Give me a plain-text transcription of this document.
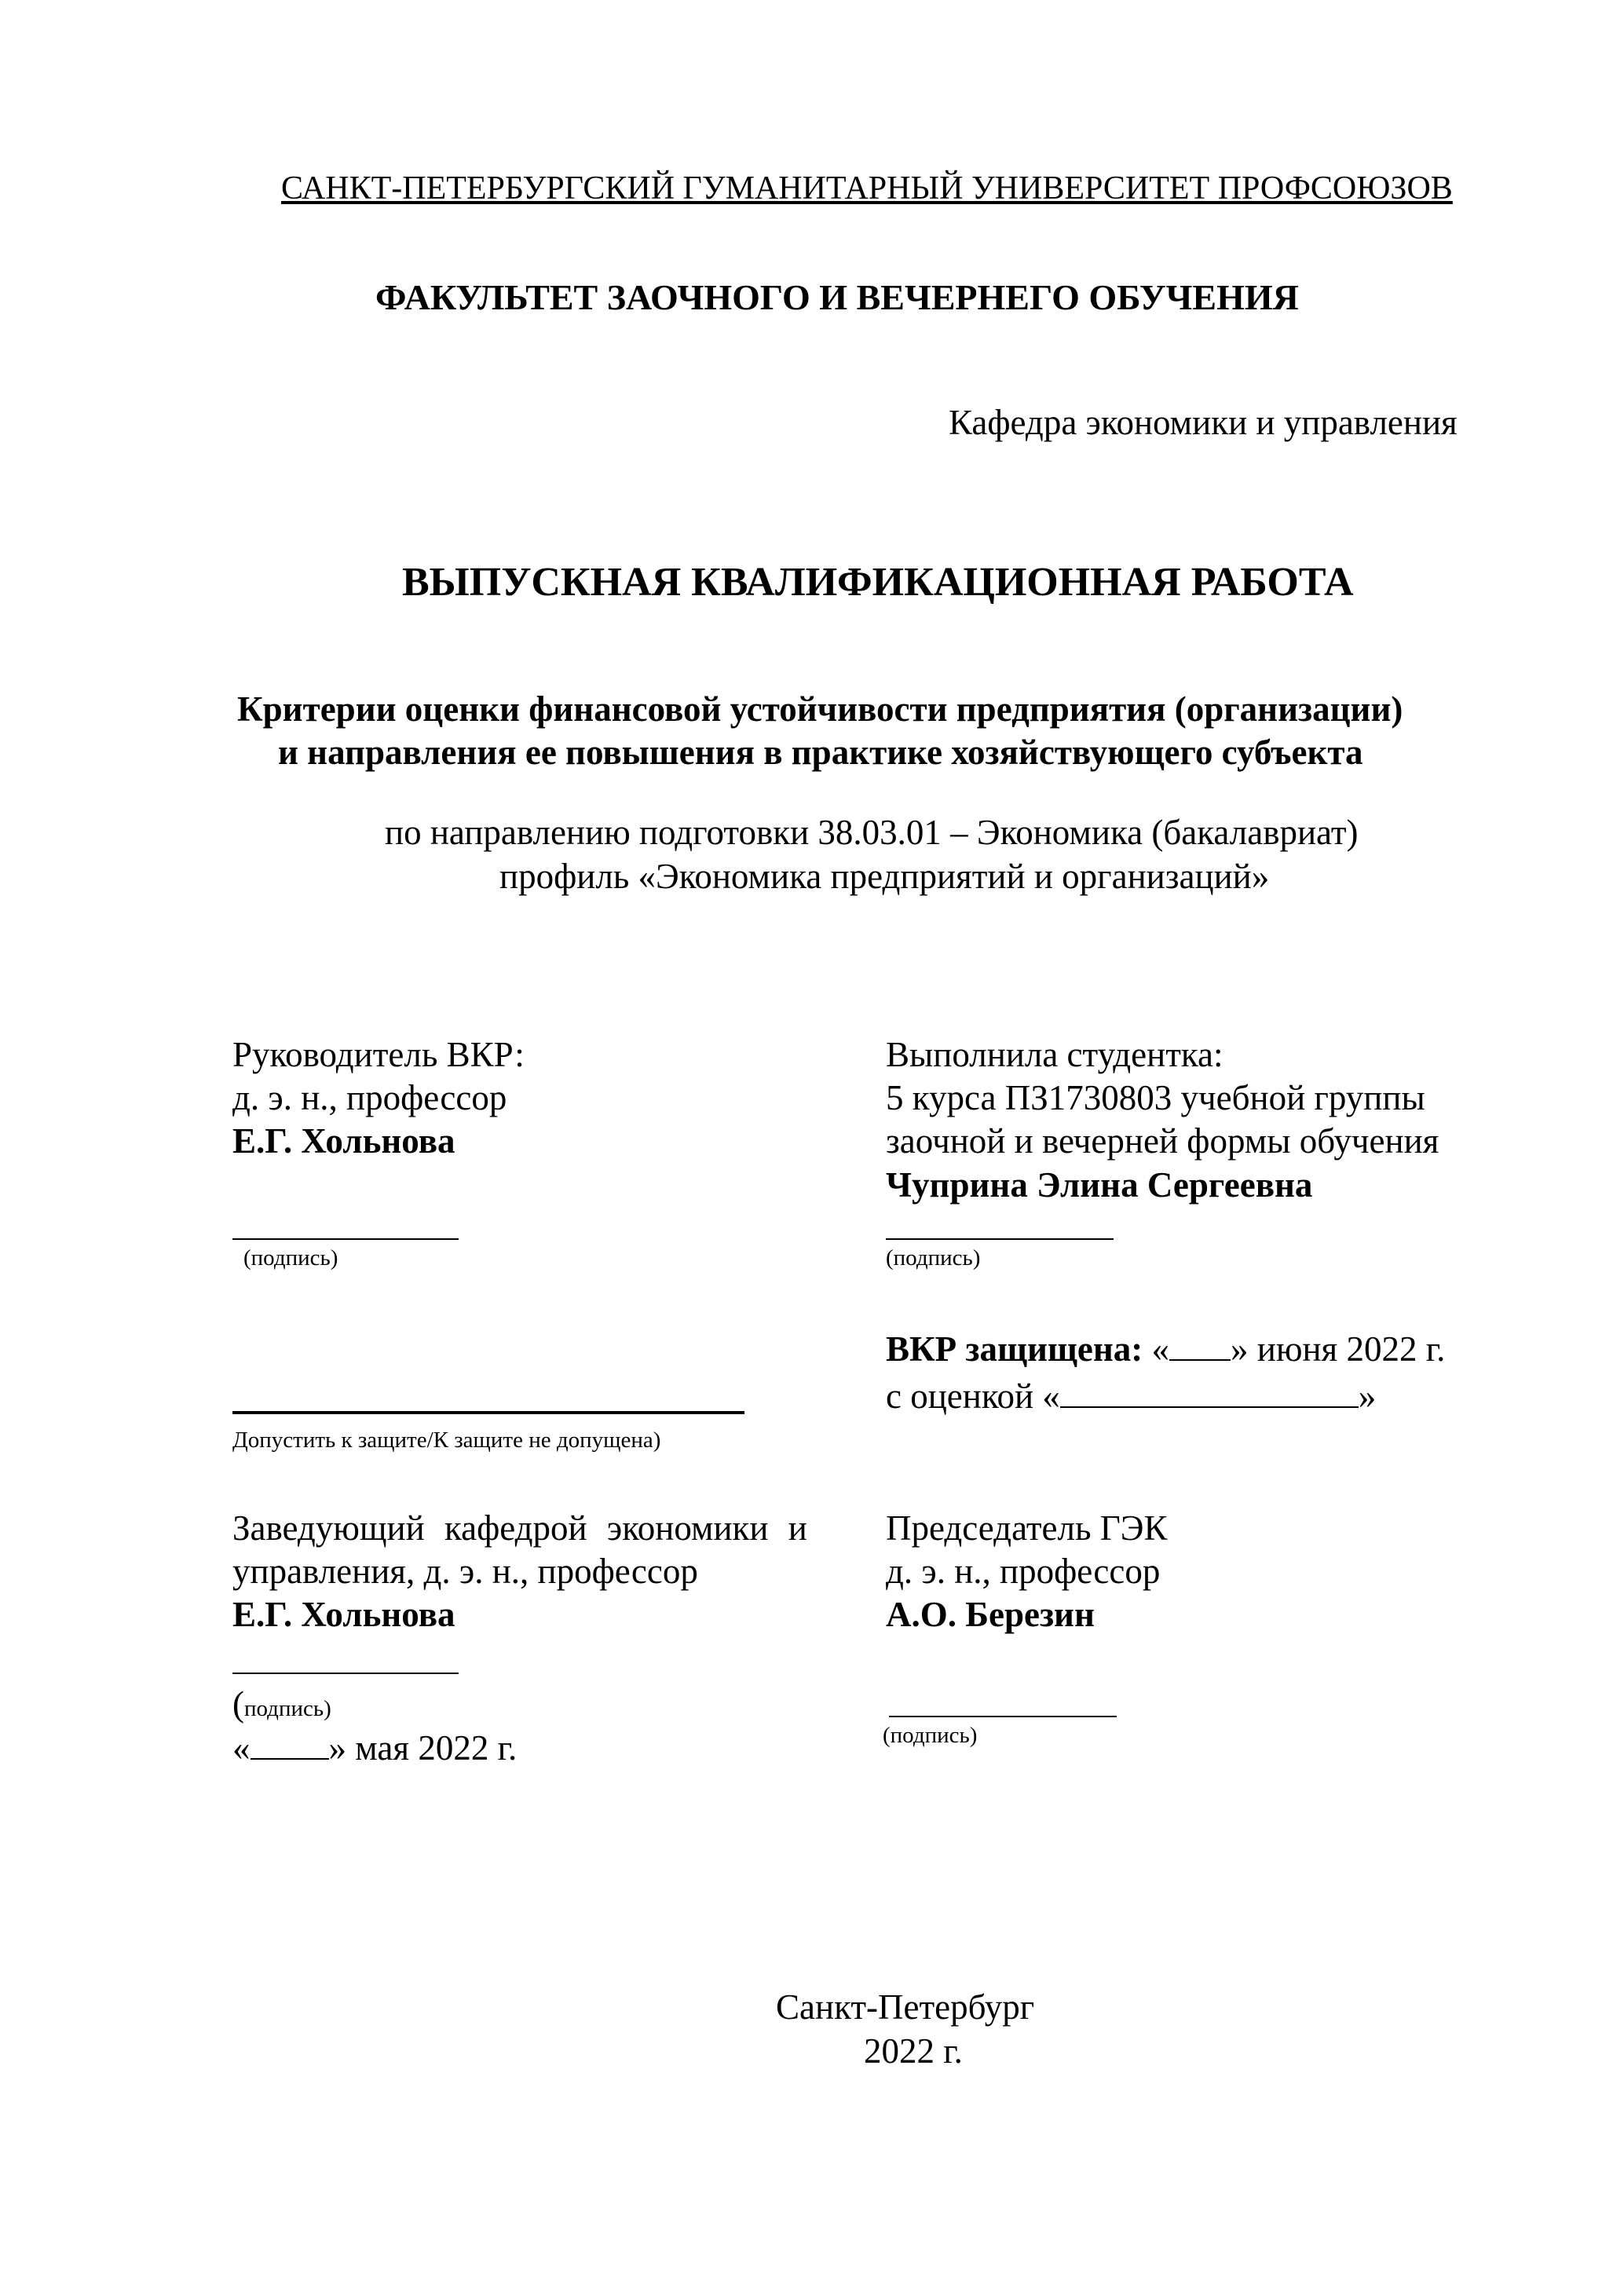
САНКТ-ПЕТЕРБУРГСКИЙ ГУМАНИТАРНЫЙ УНИВЕРСИТЕТ ПРОФСОЮЗОВ
ФАКУЛЬТЕТ ЗАОЧНОГО И ВЕЧЕРНЕГО ОБУЧЕНИЯ
Кафедра экономики и управления
ВЫПУСКНАЯ КВАЛИФИКАЦИОННАЯ РАБОТА
Критерии оценки финансовой устойчивости предприятия (организации)
и направления ее повышения в практике хозяйствующего субъекта
по направлению подготовки 38.03.01 – Экономика (бакалавриат)
профиль «Экономика предприятий и организаций»
Руководитель ВКР:
д. э. н., профессор
Е.Г. Хольнова
(подпись)
Выполнила студентка:
5 курса ПЗ1730803 учебной группы
заочной и вечерней формы обучения
Чуприна Элина Сергеевна
(подпись)
Допустить к защите/К защите не допущена)
ВКР защищена: « » июня 2022 г.
с оценкой «	»
Заведующий кафедрой экономики и
управления, д. э. н., профессор
Е.Г. Хольнова
(подпись)
« » мая 2022 г.
Председатель ГЭК
д. э. н., профессор
А.О. Березин
(подпись)
Санкт-Петербург
2022 г.
